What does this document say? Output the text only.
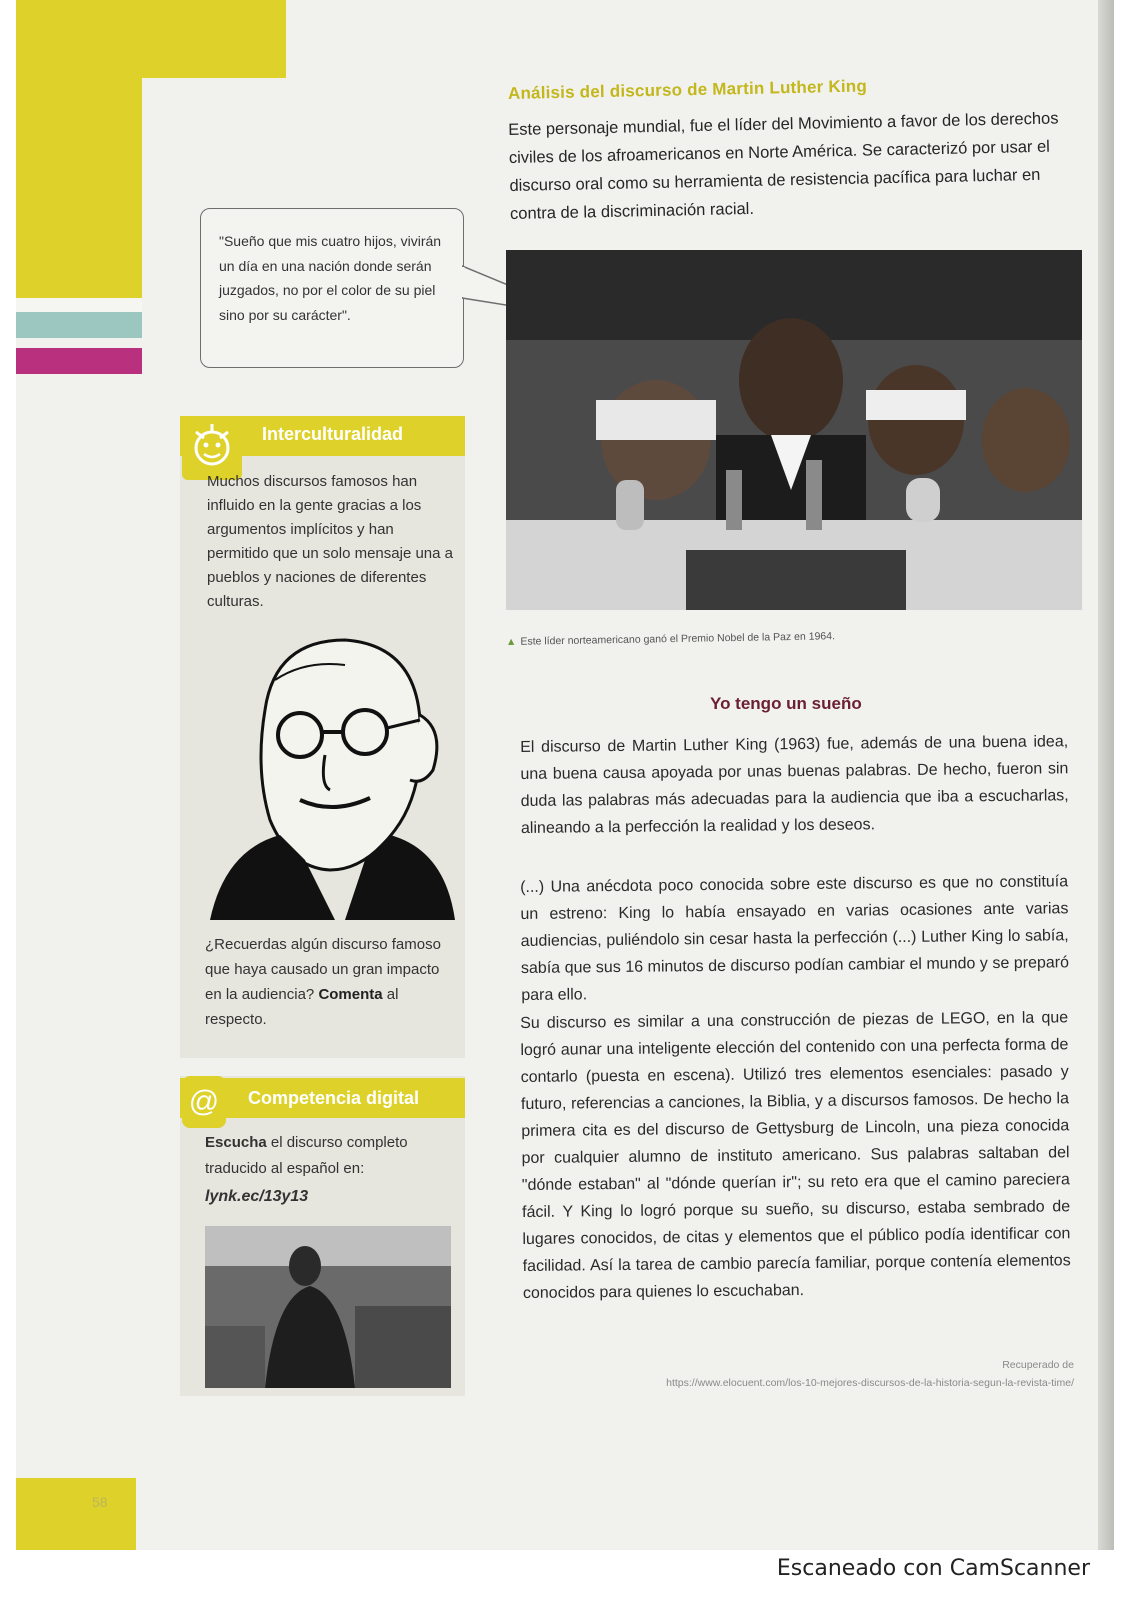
58
Análisis del discurso de Martin Luther King
Este personaje mundial, fue el líder del Movimiento a favor de los derechos civiles de los afroamericanos en Norte América. Se caracterizó por usar el discurso oral como su herramienta de resistencia pacífica para luchar en contra de la discriminación racial.
"Sueño que mis cuatro hijos, vivirán un día en una nación donde serán juzgados, no por el color de su piel sino por su carácter".
▲ Este líder norteamericano ganó el Premio Nobel de la Paz en 1964.
Interculturalidad
Muchos discursos famosos han influido en la gente gracias a los argumentos implícitos y han permitido que un solo mensaje una a pueblos y naciones de diferentes culturas.
¿Recuerdas algún discurso famoso que haya causado un gran impacto en la audiencia? Comenta al respecto.
@	Competencia digital
Escucha el discurso completo traducido al español en:
lynk.ec/13y13
Yo tengo un sueño
El discurso de Martin Luther King (1963) fue, además de una buena idea, una buena causa apoyada por unas buenas palabras. De hecho, fueron sin duda las palabras más adecuadas para la audiencia que iba a escucharlas, alineando a la perfección la realidad y los deseos.
(...) Una anécdota poco conocida sobre este discurso es que no constituía un estreno: King lo había ensayado en varias ocasiones ante varias audiencias, puliéndolo sin cesar hasta la perfección (...) Luther King lo sabía, sabía que sus 16 minutos de discurso podían cambiar el mundo y se preparó para ello.
Su discurso es similar a una construcción de piezas de LEGO, en la que logró aunar una inteligente elección del contenido con una perfecta forma de contarlo (puesta en escena). Utilizó tres elementos esenciales: pasado y futuro, referencias a canciones, la Biblia, y a discursos famosos. De hecho la primera cita es del discurso de Gettysburg de Lincoln, una pieza conocida por cualquier alumno de instituto americano. Sus palabras saltaban del "dónde estaban" al "dónde querían ir"; su reto era que el camino pareciera fácil. Y King lo logró porque su sueño, su discurso, estaba sembrado de lugares conocidos, de citas y elementos que el público podía identificar con facilidad. Así la tarea de cambio parecía familiar, porque contenía elementos conocidos para quienes lo escuchaban.
Recuperado de
https://www.elocuent.com/los-10-mejores-discursos-de-la-historia-segun-la-revista-time/
Escaneado con CamScanner
